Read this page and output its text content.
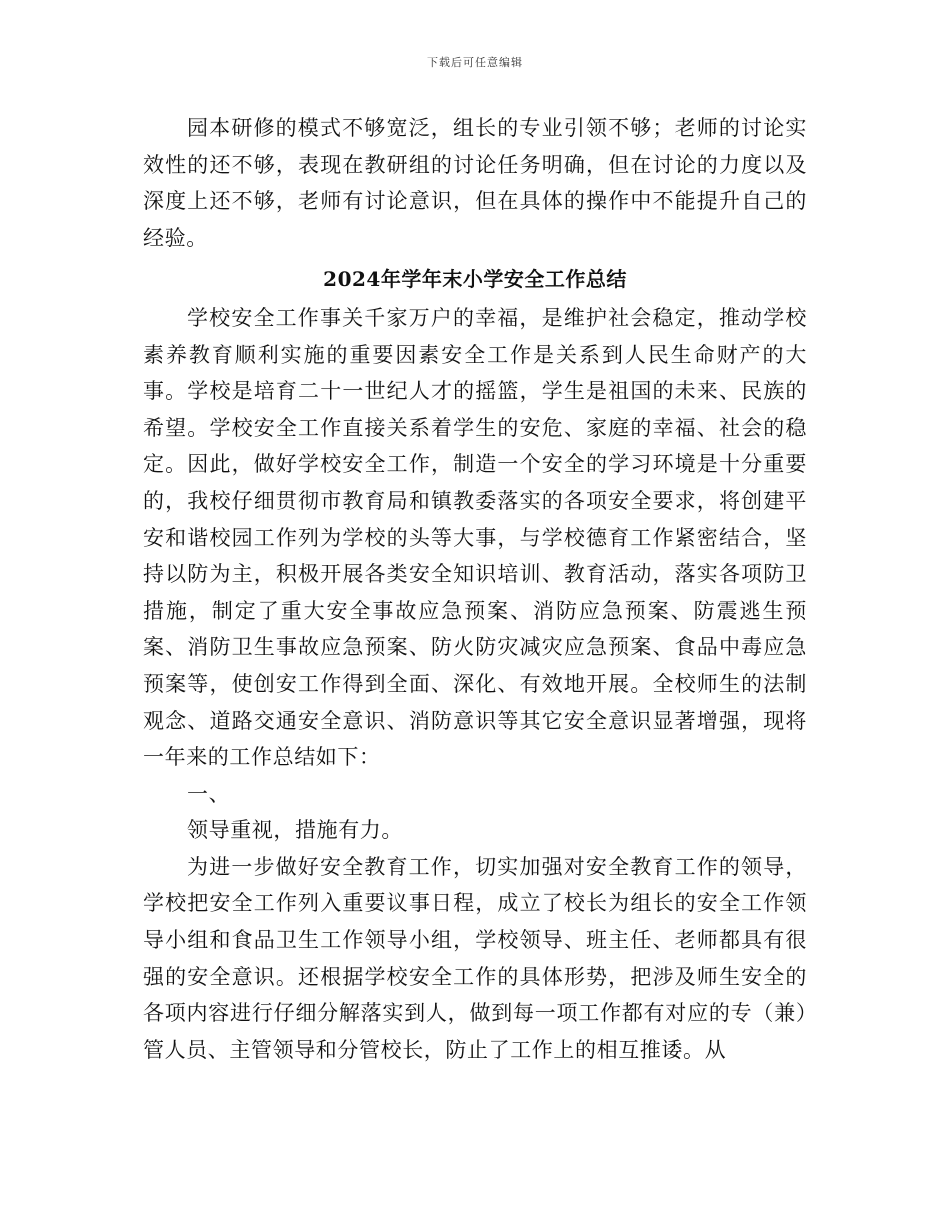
下载后可任意编辑

园本研修的模式不够宽泛，组长的专业引领不够；老师的讨论实效性的还不够，表现在教研组的讨论任务明确，但在讨论的力度以及深度上还不够，老师有讨论意识，但在具体的操作中不能提升自己的经验。

2024年学年末小学安全工作总结

学校安全工作事关千家万户的幸福，是维护社会稳定，推动学校素养教育顺利实施的重要因素安全工作是关系到人民生命财产的大事。学校是培育二十一世纪人才的摇篮，学生是祖国的未来、民族的希望。学校安全工作直接关系着学生的安危、家庭的幸福、社会的稳定。因此，做好学校安全工作，制造一个安全的学习环境是十分重要的，我校仔细贯彻市教育局和镇教委落实的各项安全要求，将创建平安和谐校园工作列为学校的头等大事，与学校德育工作紧密结合，坚持以防为主，积极开展各类安全知识培训、教育活动，落实各项防卫措施，制定了重大安全事故应急预案、消防应急预案、防震逃生预案、消防卫生事故应急预案、防火防灾减灾应急预案、食品中毒应急预案等，使创安工作得到全面、深化、有效地开展。全校师生的法制观念、道路交通安全意识、消防意识等其它安全意识显著增强，现将一年来的工作总结如下：

一、

领导重视，措施有力。

为进一步做好安全教育工作，切实加强对安全教育工作的领导，学校把安全工作列入重要议事日程，成立了校长为组长的安全工作领导小组和食品卫生工作领导小组，学校领导、班主任、老师都具有很强的安全意识。还根据学校安全工作的具体形势，把涉及师生安全的各项内容进行仔细分解落实到人，做到每一项工作都有对应的专（兼）管人员、主管领导和分管校长，防止了工作上的相互推诿。从
